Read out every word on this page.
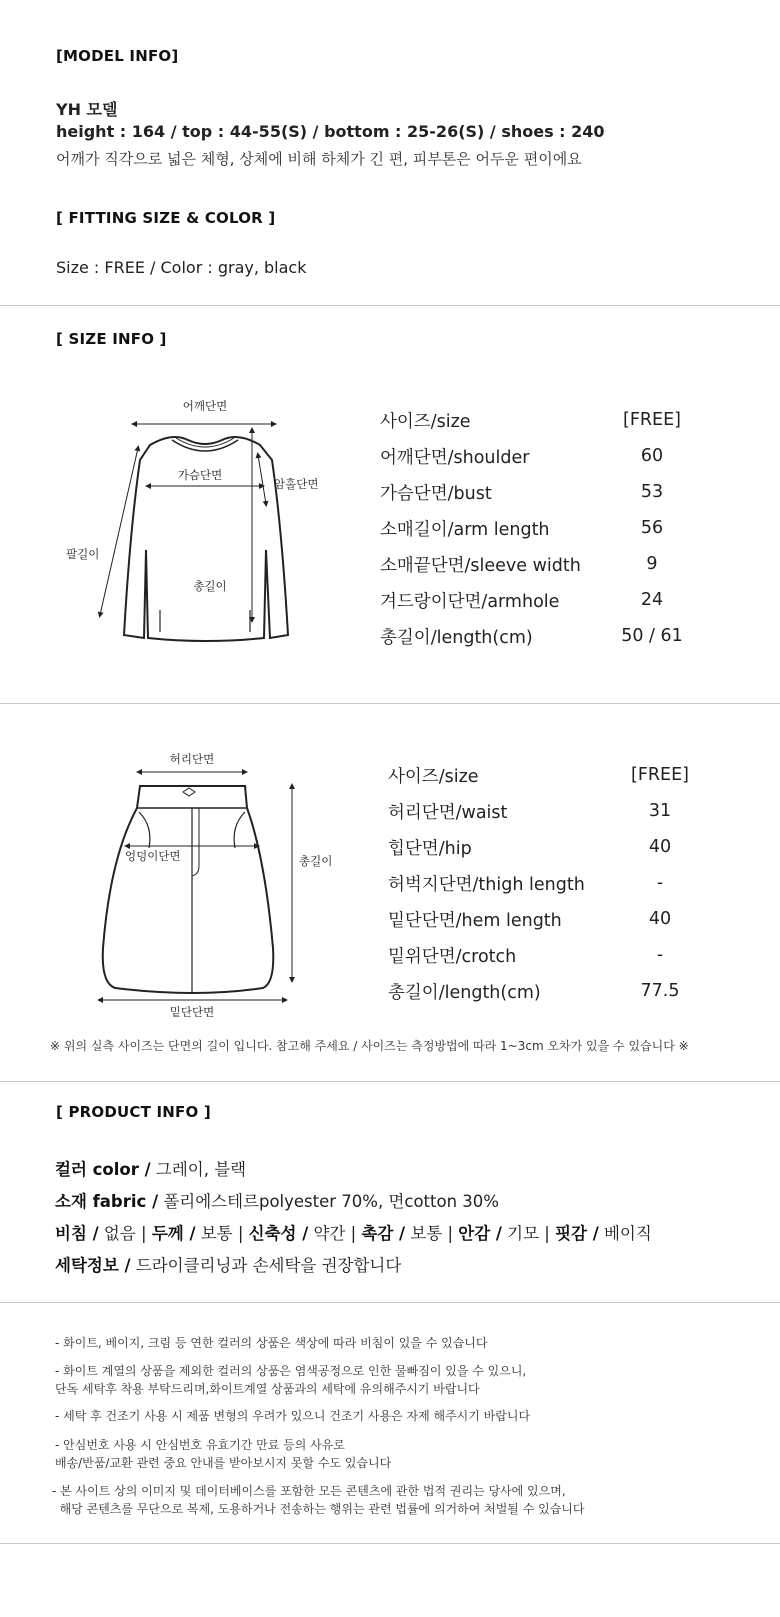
[MODEL INFO]
YH 모델
height : 164 / top : 44-55(S) / bottom : 25-26(S) / shoes : 240
어깨가 직각으로 넓은 체형, 상체에 비해 하체가 긴 편, 피부톤은 어두운 편이에요
[ FITTING SIZE & COLOR ]
Size : FREE / Color : gray, black
[ SIZE INFO ]
어깨단면
가슴단면
암홀단면
총길이
팔길이
사이즈/size	[FREE]
어깨단면/shoulder	60
가슴단면/bust	53
소매길이/arm length	56
소매끝단면/sleeve width	9
겨드랑이단면/armhole	24
총길이/length(cm)	50 / 61
허리단면
엉덩이단면	총길이
밑단단면
사이즈/size	[FREE]
허리단면/waist	31
힙단면/hip	40
허벅지단면/thigh length	-
밑단단면/hem length	40
밑위단면/crotch	-
총길이/length(cm)	77.5
※ 위의 실측 사이즈는 단면의 길이 입니다. 참고해 주세요 / 사이즈는 측정방법에 따라 1~3cm 오차가 있을 수 있습니다 ※
[ PRODUCT INFO ]
컬러 color / 그레이, 블랙
소재 fabric / 폴리에스테르polyester 70%, 면cotton 30%
비침 / 없음 | 두께 / 보통 | 신축성 / 약간 | 촉감 / 보통 | 안감 / 기모 | 핏감 / 베이직
세탁정보 / 드라이클리닝과 손세탁을 권장합니다
- 화이트, 베이지, 크림 등 연한 컬러의 상품은 색상에 따라 비침이 있을 수 있습니다
- 화이트 계열의 상품을 제외한 컬러의 상품은 염색공정으로 인한 물빠짐이 있을 수 있으니,
단독 세탁후 착용 부탁드리며,화이트계열 상품과의 세탁에 유의해주시기 바랍니다
- 세탁 후 건조기 사용 시 제품 변형의 우려가 있으니 건조기 사용은 자제 해주시기 바랍니다
- 안심번호 사용 시 안심번호 유효기간 만료 등의 사유로
배송/반품/교환 관련 중요 안내를 받아보시지 못할 수도 있습니다
- 본 사이트 상의 이미지 및 데이터베이스를 포함한 모든 콘텐츠에 관한 법적 권리는 당사에 있으며,
해당 콘텐츠를 무단으로 복제, 도용하거나 전송하는 행위는 관련 법률에 의거하여 처벌될 수 있습니다
